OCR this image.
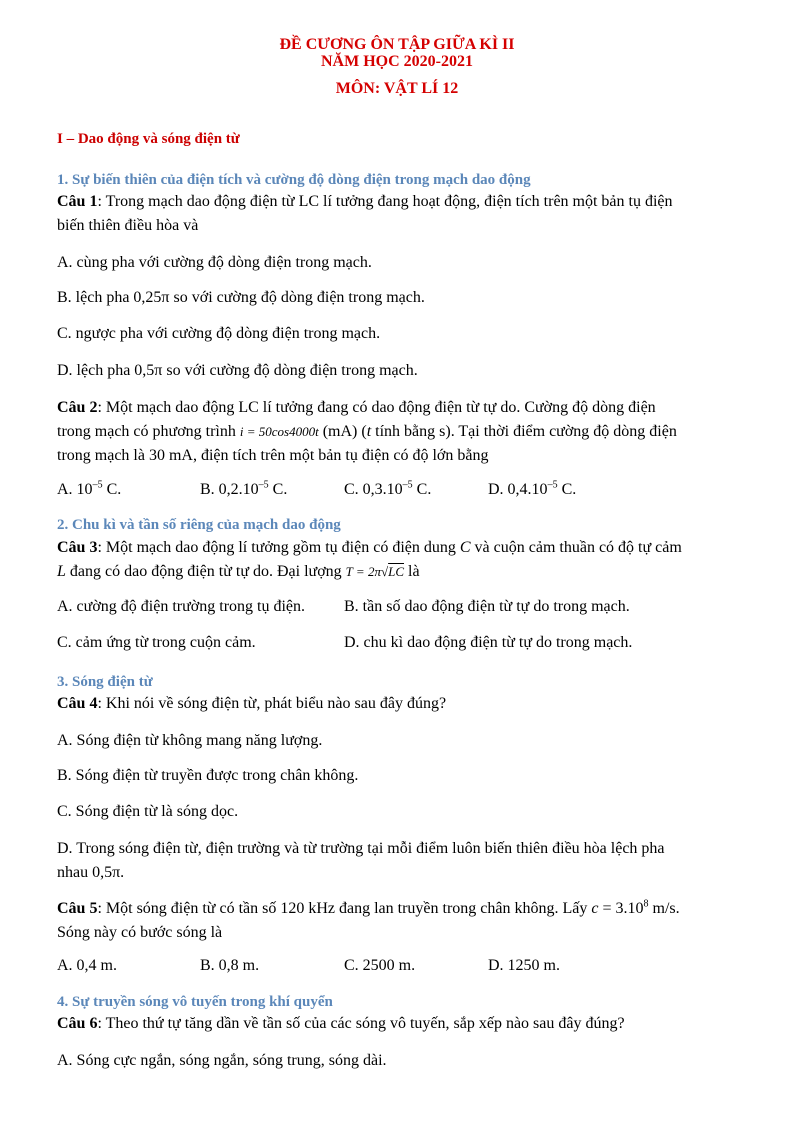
ĐỀ CƯƠNG ÔN TẬP GIỮA KÌ II
NĂM HỌC 2020-2021
MÔN: VẬT LÍ 12
I – Dao động và sóng điện từ
1. Sự biến thiên của điện tích và cường độ dòng điện trong mạch dao động
Câu 1: Trong mạch dao động điện từ LC lí tưởng đang hoạt động, điện tích trên một bản tụ điện
biến thiên điều hòa và
A. cùng pha với cường độ dòng điện trong mạch.
B. lệch pha 0,25π so với cường độ dòng điện trong mạch.
C. ngược pha với cường độ dòng điện trong mạch.
D. lệch pha 0,5π so với cường độ dòng điện trong mạch.
Câu 2: Một mạch dao động LC lí tưởng đang có dao động điện từ tự do. Cường độ dòng điện
trong mạch có phương trình i = 50cos4000t (mA) (t tính bằng s). Tại thời điểm cường độ dòng điện
trong mạch là 30 mA, điện tích trên một bản tụ điện có độ lớn bằng
A. $10^{-5}$ C.	B. $0,2.10^{-5}$ C.	C. $0,3.10^{-5}$ C.	D. $0,4.10^{-5}$ C.
2. Chu kì và tần số riêng của mạch dao động
Câu 3: Một mạch dao động lí tưởng gồm tụ điện có điện dung C và cuộn cảm thuần có độ tự cảm
L đang có dao động điện từ tự do. Đại lượng T = 2π√LC là
A. cường độ điện trường trong tụ điện. B. tần số dao động điện từ tự do trong mạch.
C. cảm ứng từ trong cuộn cảm.	D. chu kì dao động điện từ tự do trong mạch.
3. Sóng điện từ
Câu 4: Khi nói về sóng điện từ, phát biểu nào sau đây đúng?
A. Sóng điện từ không mang năng lượng.
B. Sóng điện từ truyền được trong chân không.
C. Sóng điện từ là sóng dọc.
D. Trong sóng điện từ, điện trường và từ trường tại mỗi điểm luôn biến thiên điều hòa lệch pha
nhau 0,5π.
Câu 5: Một sóng điện từ có tần số 120 kHz đang lan truyền trong chân không. Lấy $c = 3.10^8$ m/s.
Sóng này có bước sóng là
A. 0,4 m.	B. 0,8 m.	C. 2500 m.	D. 1250 m.
4. Sự truyền sóng vô tuyến trong khí quyển
Câu 6: Theo thứ tự tăng dần về tần số của các sóng vô tuyến, sắp xếp nào sau đây đúng?
A. Sóng cực ngắn, sóng ngắn, sóng trung, sóng dài.
